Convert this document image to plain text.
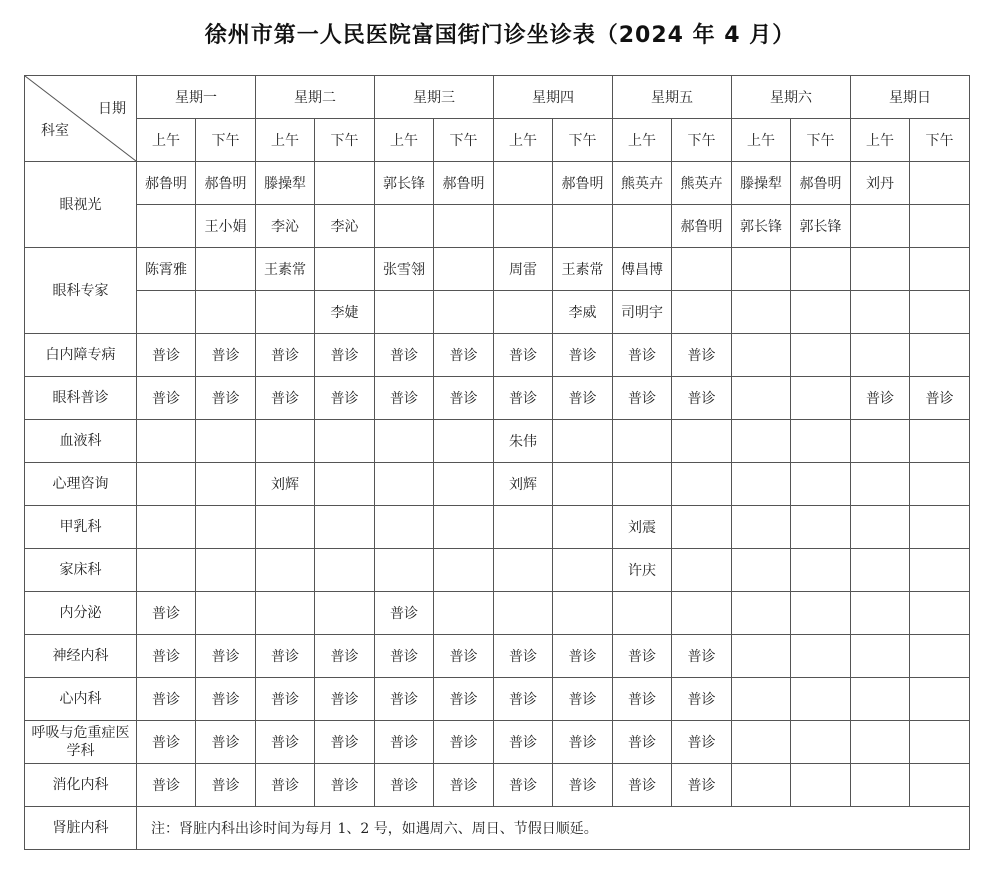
徐州市第一人民医院富国街门诊坐诊表（2024 年 4 月）
日期
科室	星期一		星期二		星期三		星期四		星期五		星期六		星期日	
	上午	下午	上午	下午	上午	下午	上午	下午	上午	下午	上午	下午	上午	下午
眼视光	郝鲁明	郝鲁明	滕操犁		郭长锋	郝鲁明		郝鲁明	熊英卉	熊英卉	滕操犁	郝鲁明	刘丹	
		王小娟	李沁	李沁						郝鲁明	郭长锋	郭长锋		
眼科专家	陈霄雅		王素常		张雪翎		周雷	王素常	傅昌博					
				李婕				李威	司明宇					
白内障专病	普诊	普诊	普诊	普诊	普诊	普诊	普诊	普诊	普诊	普诊				
眼科普诊	普诊	普诊	普诊	普诊	普诊	普诊	普诊	普诊	普诊	普诊			普诊	普诊
血液科							朱伟							
心理咨询			刘辉				刘辉							
甲乳科									刘震					
家床科									许庆					
内分泌	普诊				普诊									
神经内科	普诊	普诊	普诊	普诊	普诊	普诊	普诊	普诊	普诊	普诊				
心内科	普诊	普诊	普诊	普诊	普诊	普诊	普诊	普诊	普诊	普诊				
呼吸与危重症医学科	普诊	普诊	普诊	普诊	普诊	普诊	普诊	普诊	普诊	普诊				
消化内科	普诊	普诊	普诊	普诊	普诊	普诊	普诊	普诊	普诊	普诊				
肾脏内科	注：肾脏内科出诊时间为每月 1、2 号，如遇周六、周日、节假日顺延。													
